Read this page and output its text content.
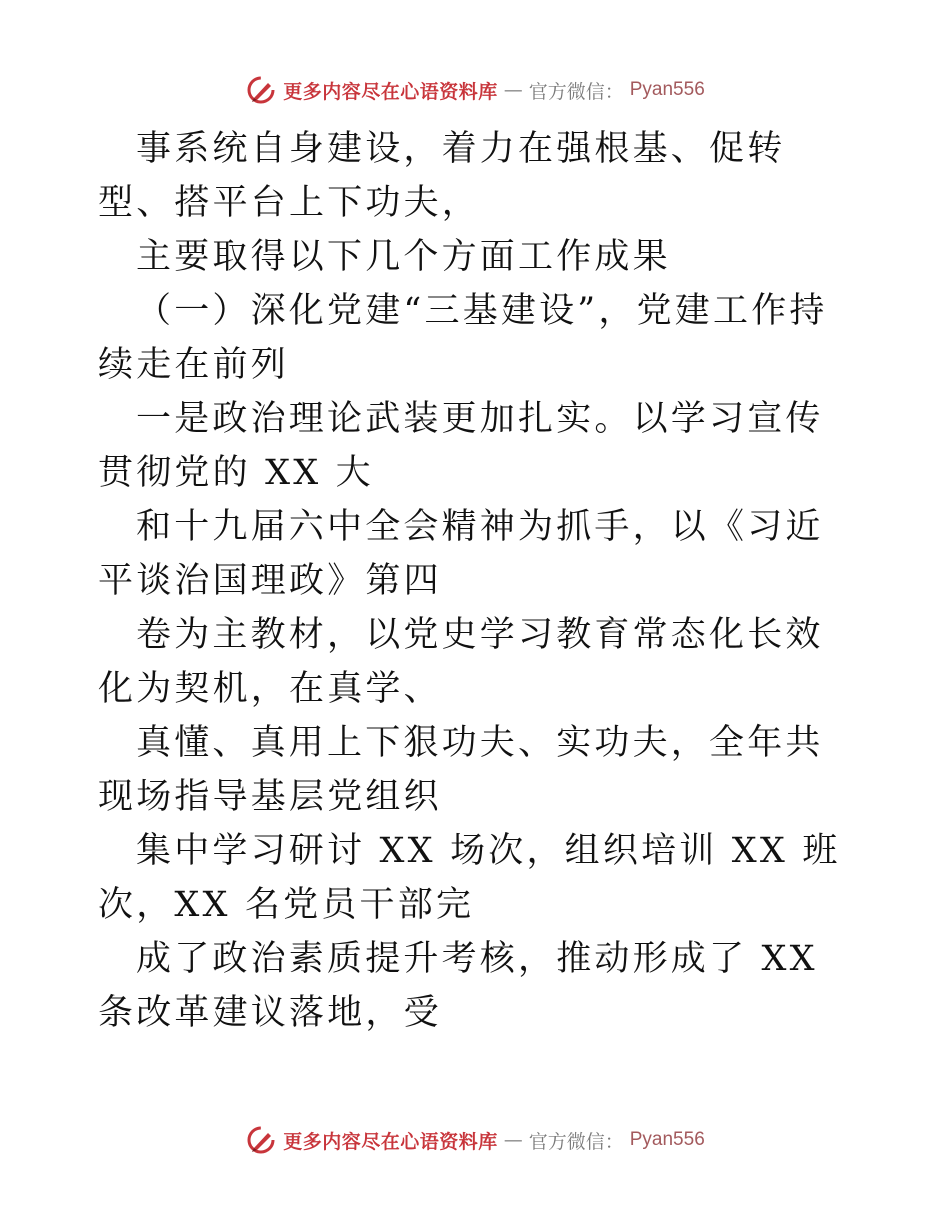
更多内容尽在心语资料库 — 官方微信： Pyan556

事系统自身建设，着力在强根基、促转型、搭平台上下功夫，

主要取得以下几个方面工作成果

（一）深化党建“三基建设”，党建工作持续走在前列

一是政治理论武装更加扎实。以学习宣传贯彻党的 XX 大

和十九届六中全会精神为抓手，以《习近平谈治国理政》第四

卷为主教材，以党史学习教育常态化长效化为契机，在真学、

真懂、真用上下狠功夫、实功夫，全年共现场指导基层党组织

集中学习研讨 XX 场次，组织培训 XX 班次，XX 名党员干部完

成了政治素质提升考核，推动形成了 XX 条改革建议落地，受

更多内容尽在心语资料库 — 官方微信： Pyan556
